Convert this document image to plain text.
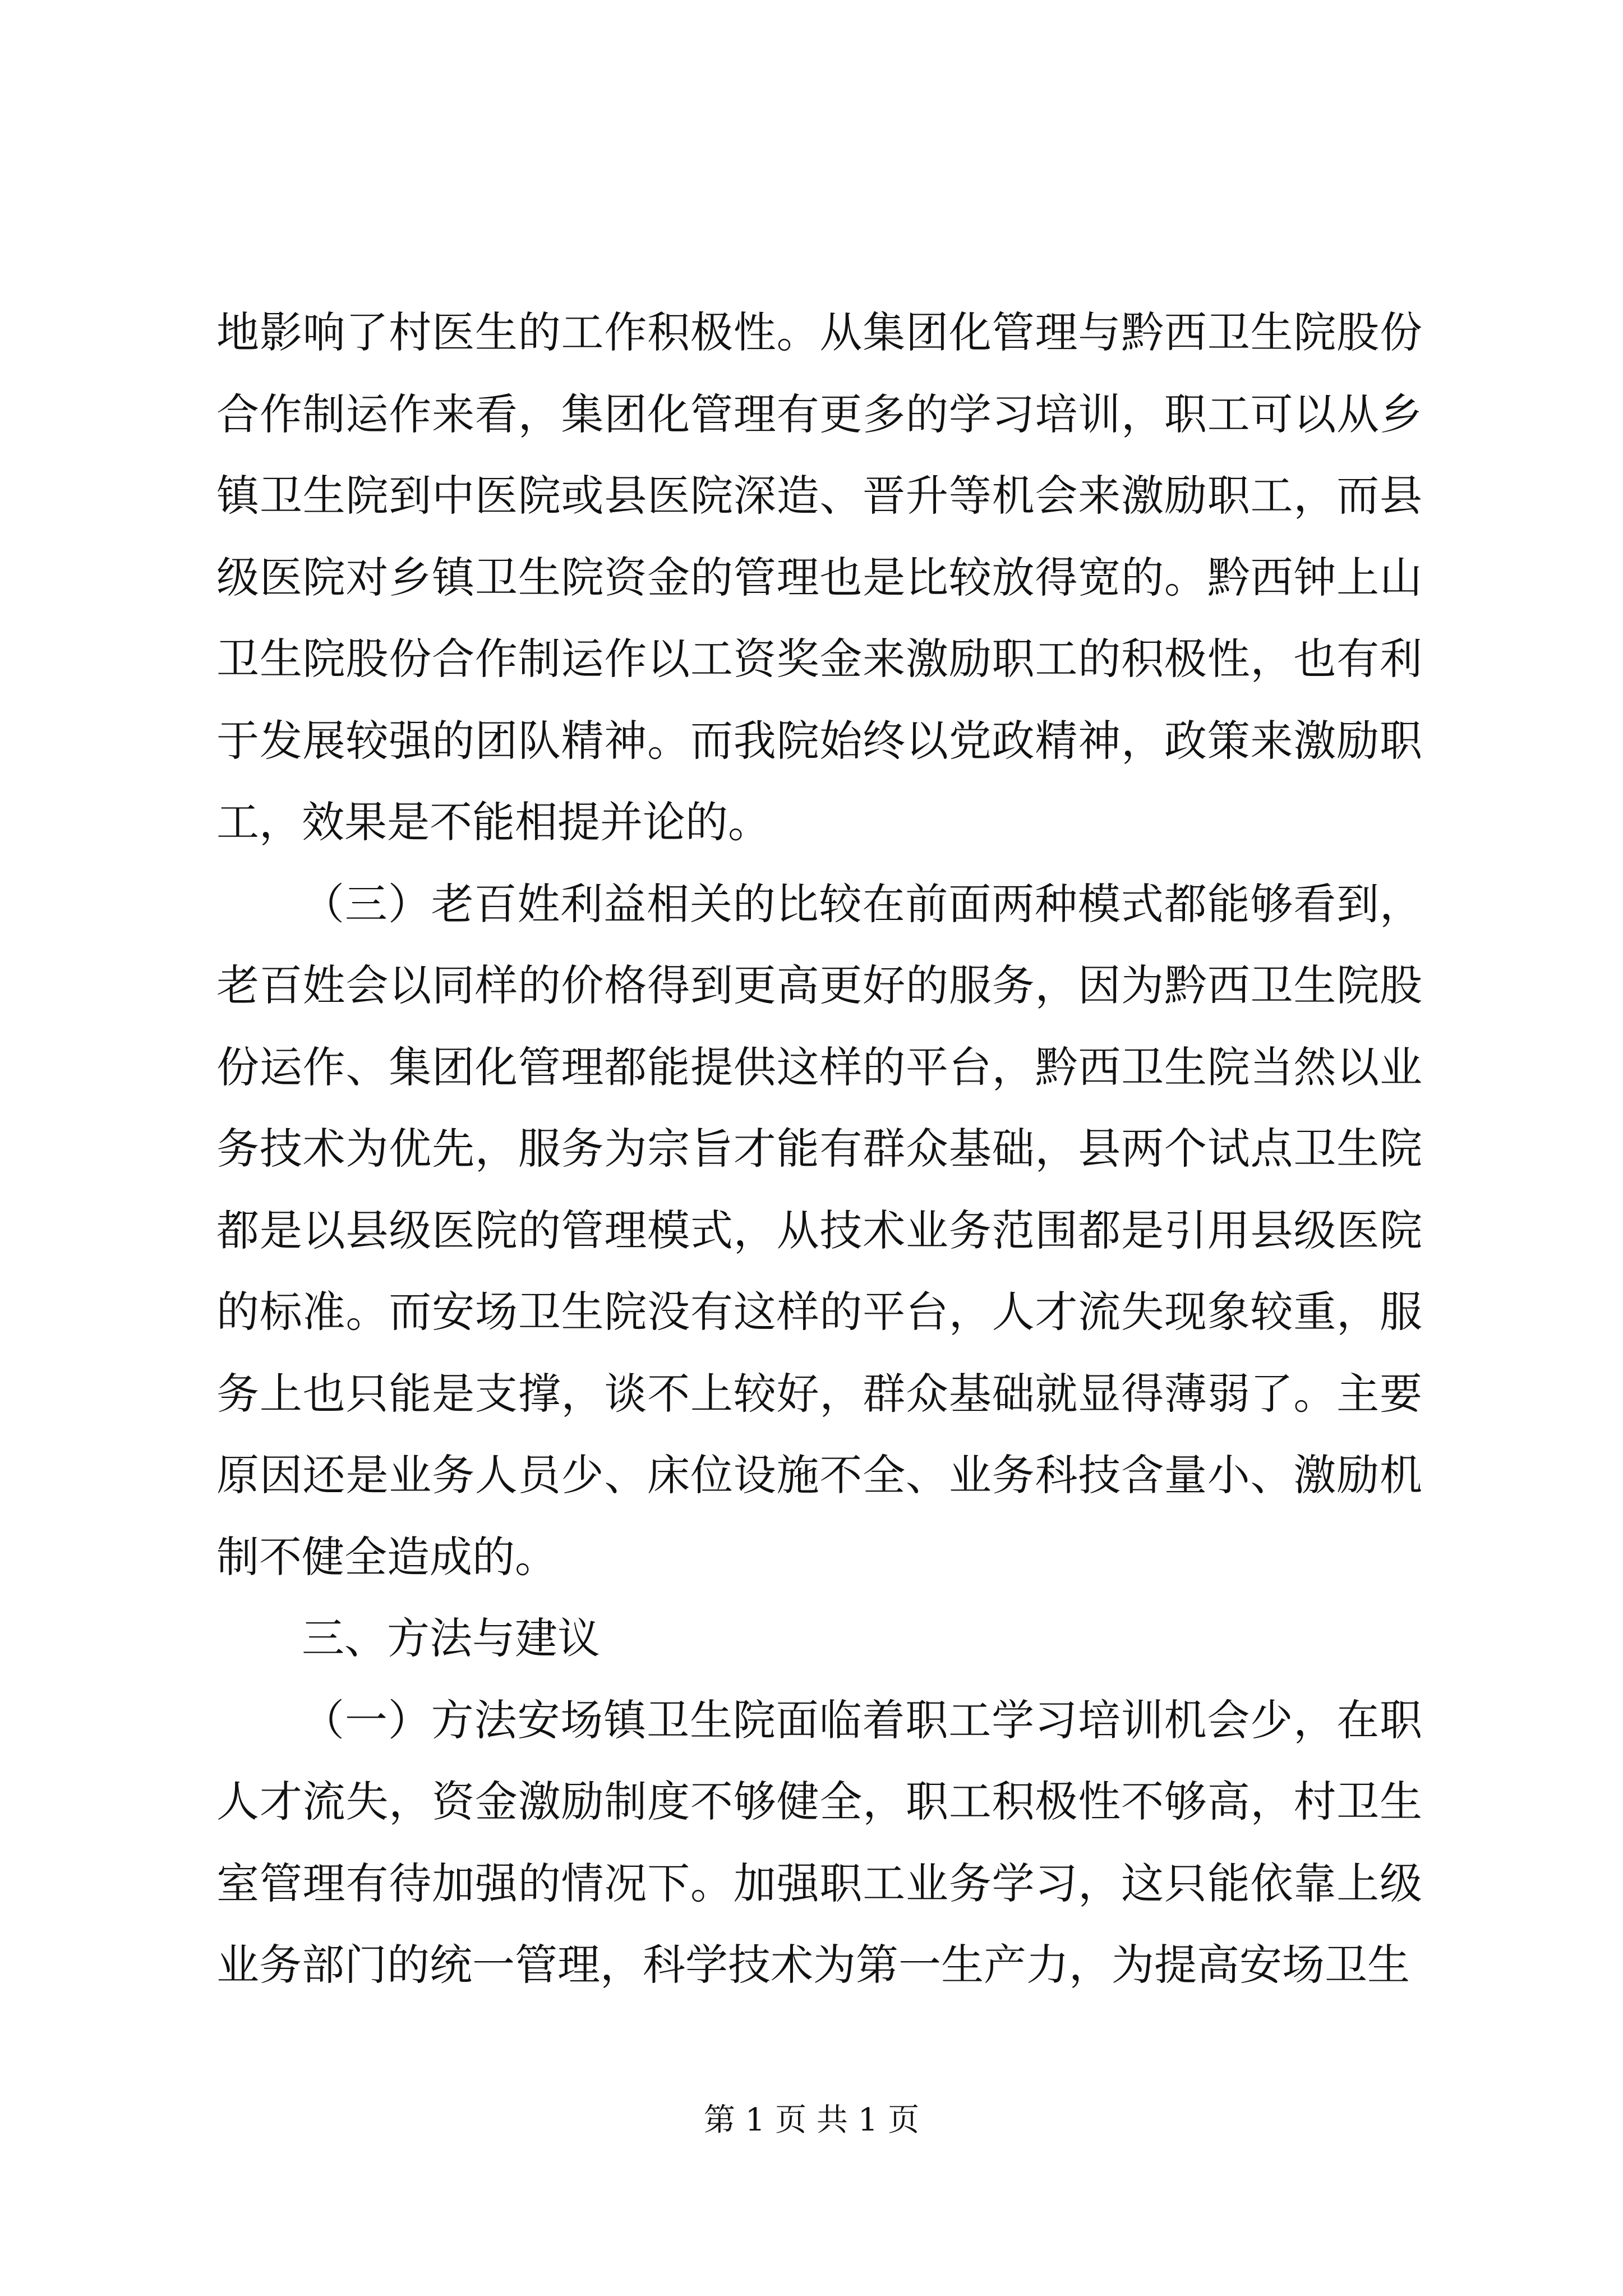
地影响了村医生的工作积极性。从集团化管理与黔西卫生院股份合作制运作来看，集团化管理有更多的学习培训，职工可以从乡镇卫生院到中医院或县医院深造、晋升等机会来激励职工，而县级医院对乡镇卫生院资金的管理也是比较放得宽的。黔西钟上山卫生院股份合作制运作以工资奖金来激励职工的积极性，也有利于发展较强的团队精神。而我院始终以党政精神，政策来激励职工，效果是不能相提并论的。

（三）老百姓利益相关的比较在前面两种模式都能够看到，老百姓会以同样的价格得到更高更好的服务，因为黔西卫生院股份运作、集团化管理都能提供这样的平台，黔西卫生院当然以业务技术为优先，服务为宗旨才能有群众基础，县两个试点卫生院都是以县级医院的管理模式，从技术业务范围都是引用县级医院的标准。而安场卫生院没有这样的平台，人才流失现象较重，服务上也只能是支撑，谈不上较好，群众基础就显得薄弱了。主要原因还是业务人员少、床位设施不全、业务科技含量小、激励机制不健全造成的。

三、方法与建议

（一）方法安场镇卫生院面临着职工学习培训机会少，在职人才流失，资金激励制度不够健全，职工积极性不够高，村卫生室管理有待加强的情况下。加强职工业务学习，这只能依靠上级业务部门的统一管理，科学技术为第一生产力，为提高安场卫生

第 1 页 共 1 页
